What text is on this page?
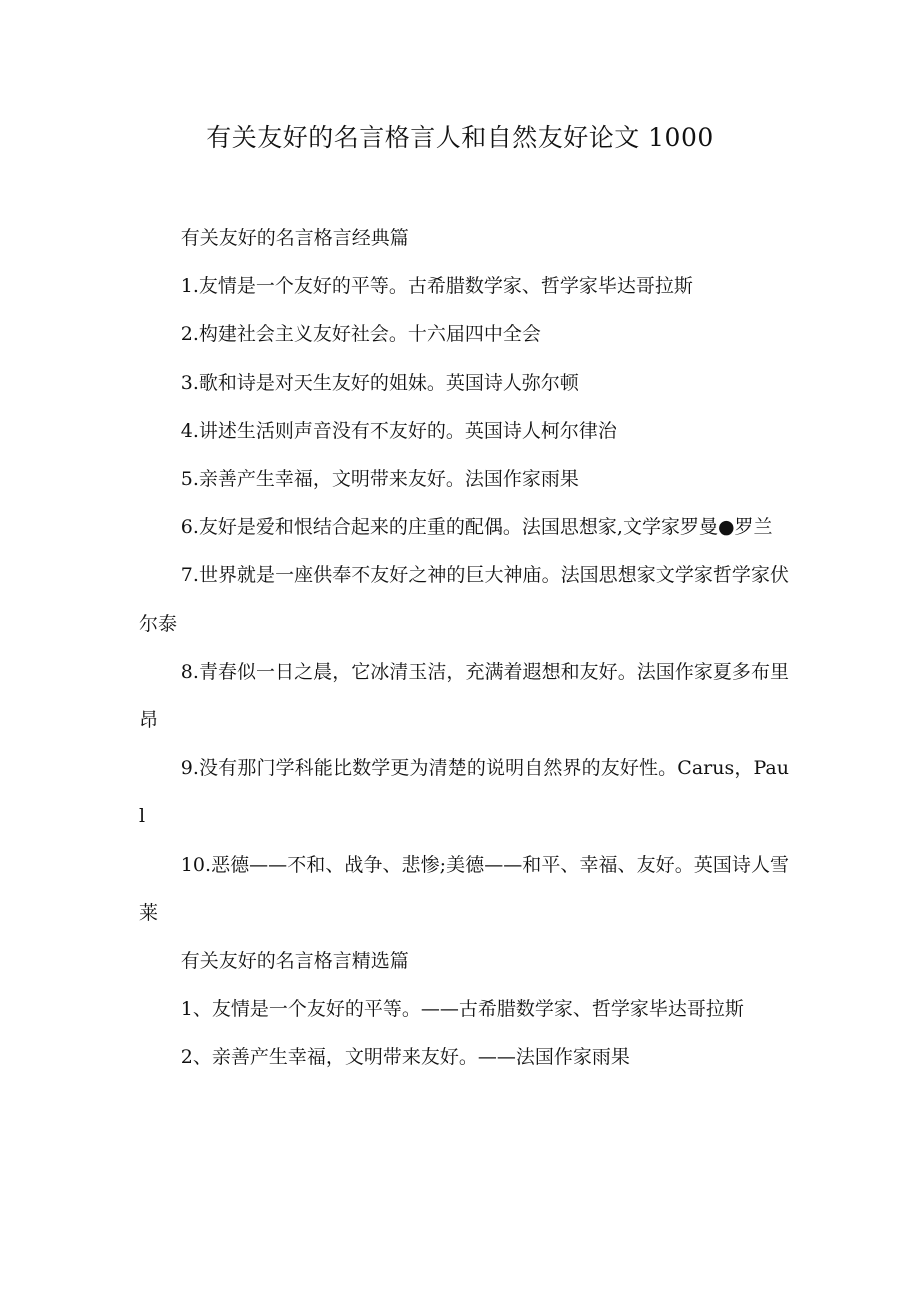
有关友好的名言格言人和自然友好论文 1000

有关友好的名言格言经典篇

1.友情是一个友好的平等。古希腊数学家、哲学家毕达哥拉斯

2.构建社会主义友好社会。十六届四中全会

3.歌和诗是对天生友好的姐妹。英国诗人弥尔顿

4.讲述生活则声音没有不友好的。英国诗人柯尔律治

5.亲善产生幸福，文明带来友好。法国作家雨果

6.友好是爱和恨结合起来的庄重的配偶。法国思想家,文学家罗曼●罗兰

7.世界就是一座供奉不友好之神的巨大神庙。法国思想家文学家哲学家伏尔泰

8.青春似一日之晨，它冰清玉洁，充满着遐想和友好。法国作家夏多布里昂

9.没有那门学科能比数学更为清楚的说明自然界的友好性。Carus，Paul

10.恶德——不和、战争、悲惨;美德——和平、幸福、友好。英国诗人雪莱

有关友好的名言格言精选篇

1、友情是一个友好的平等。——古希腊数学家、哲学家毕达哥拉斯

2、亲善产生幸福，文明带来友好。——法国作家雨果
